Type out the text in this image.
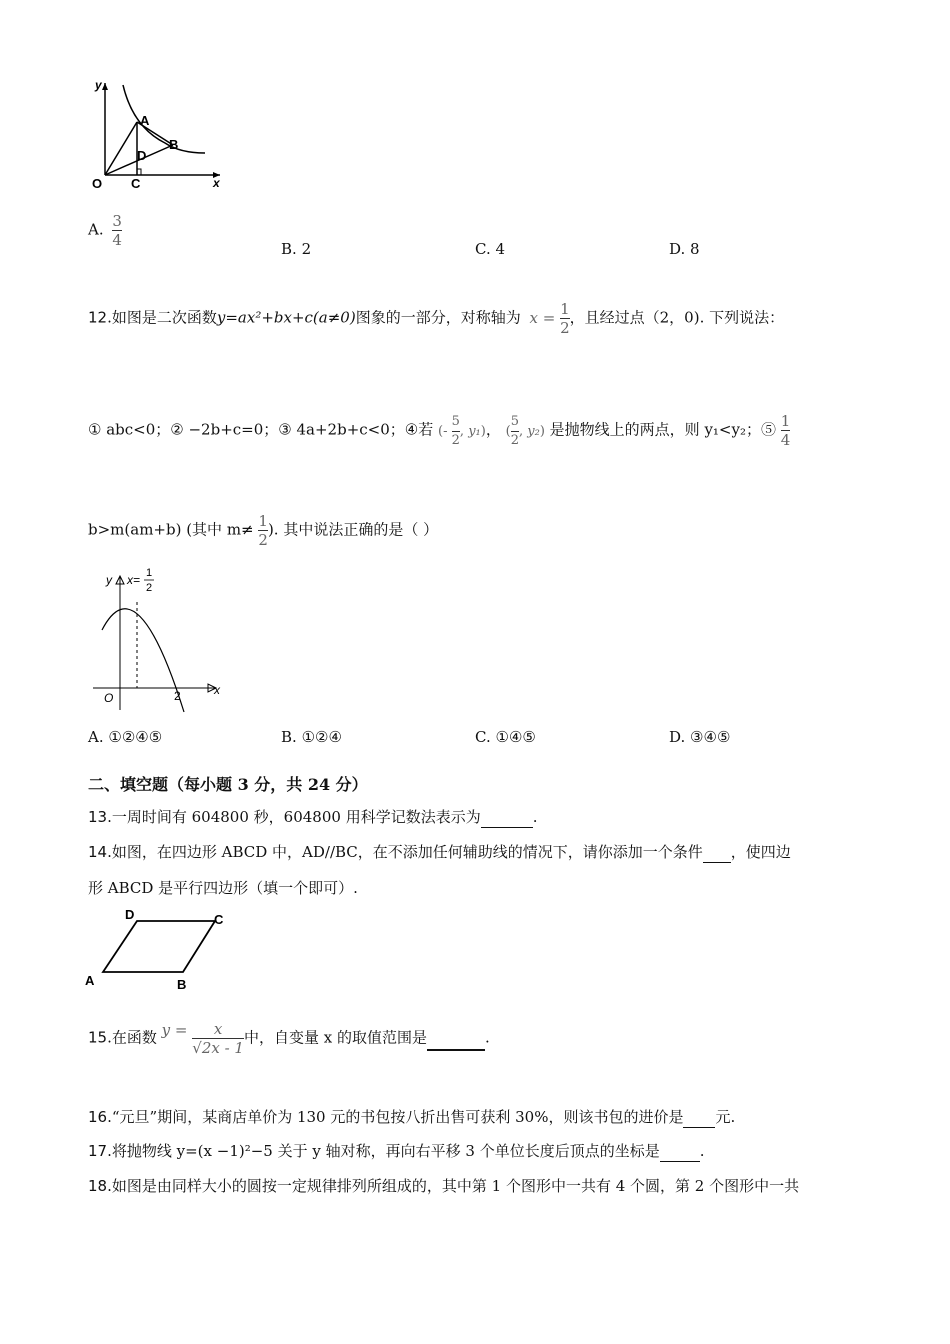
y
x
O
A
B
C
D
A. $\frac{3}{4}$	B. 2	C. 4	D. 8
12.如图是二次函数y=ax²+bx+c(a≠0)图象的一部分，对称轴为 $x = \frac{1}{2}$ ，且经过点（2，0). 下列说法：
① abc<0；② −2b+c=0；③ 4a+2b+c<0；④若 (- $\frac{5}{2}$ , y₁)， ( $\frac{5}{2}$ , y₂) 是抛物线上的两点，则 y₁<y₂；⑤ $\frac{1}{4}$
b>m(am+b) (其中 $m\ne \frac{1}{2}$ ). 其中说法正确的是（ ）
y x= 1
2
O	2	x
A. ①②④⑤	B. ①②④	C. ①④⑤	D. ③④⑤
二、填空题（每小题 3 分，共 24 分）
13.一周时间有 604800 秒，604800 用科学记数法表示为	.
14.如图，在四边形 ABCD 中，AD//BC，在不添加任何辅助线的情况下，请你添加一个条件 ，使四边
形 ABCD 是平行四边形（填一个即可）.
A	B
C
D
15.在函数 $y = \frac{x}{√2x - 1}$ 中，自变量 x 的取值范围是	.
16.“元旦”期间，某商店单价为 130 元的书包按八折出售可获利 30%，则该书包的进价是 元.
17.将抛物线 y=(x −1)²−5 关于 y 轴对称，再向右平移 3 个单位长度后顶点的坐标是	.
18.如图是由同样大小的圆按一定规律排列所组成的，其中第 1 个图形中一共有 4 个圆，第 2 个图形中一共
